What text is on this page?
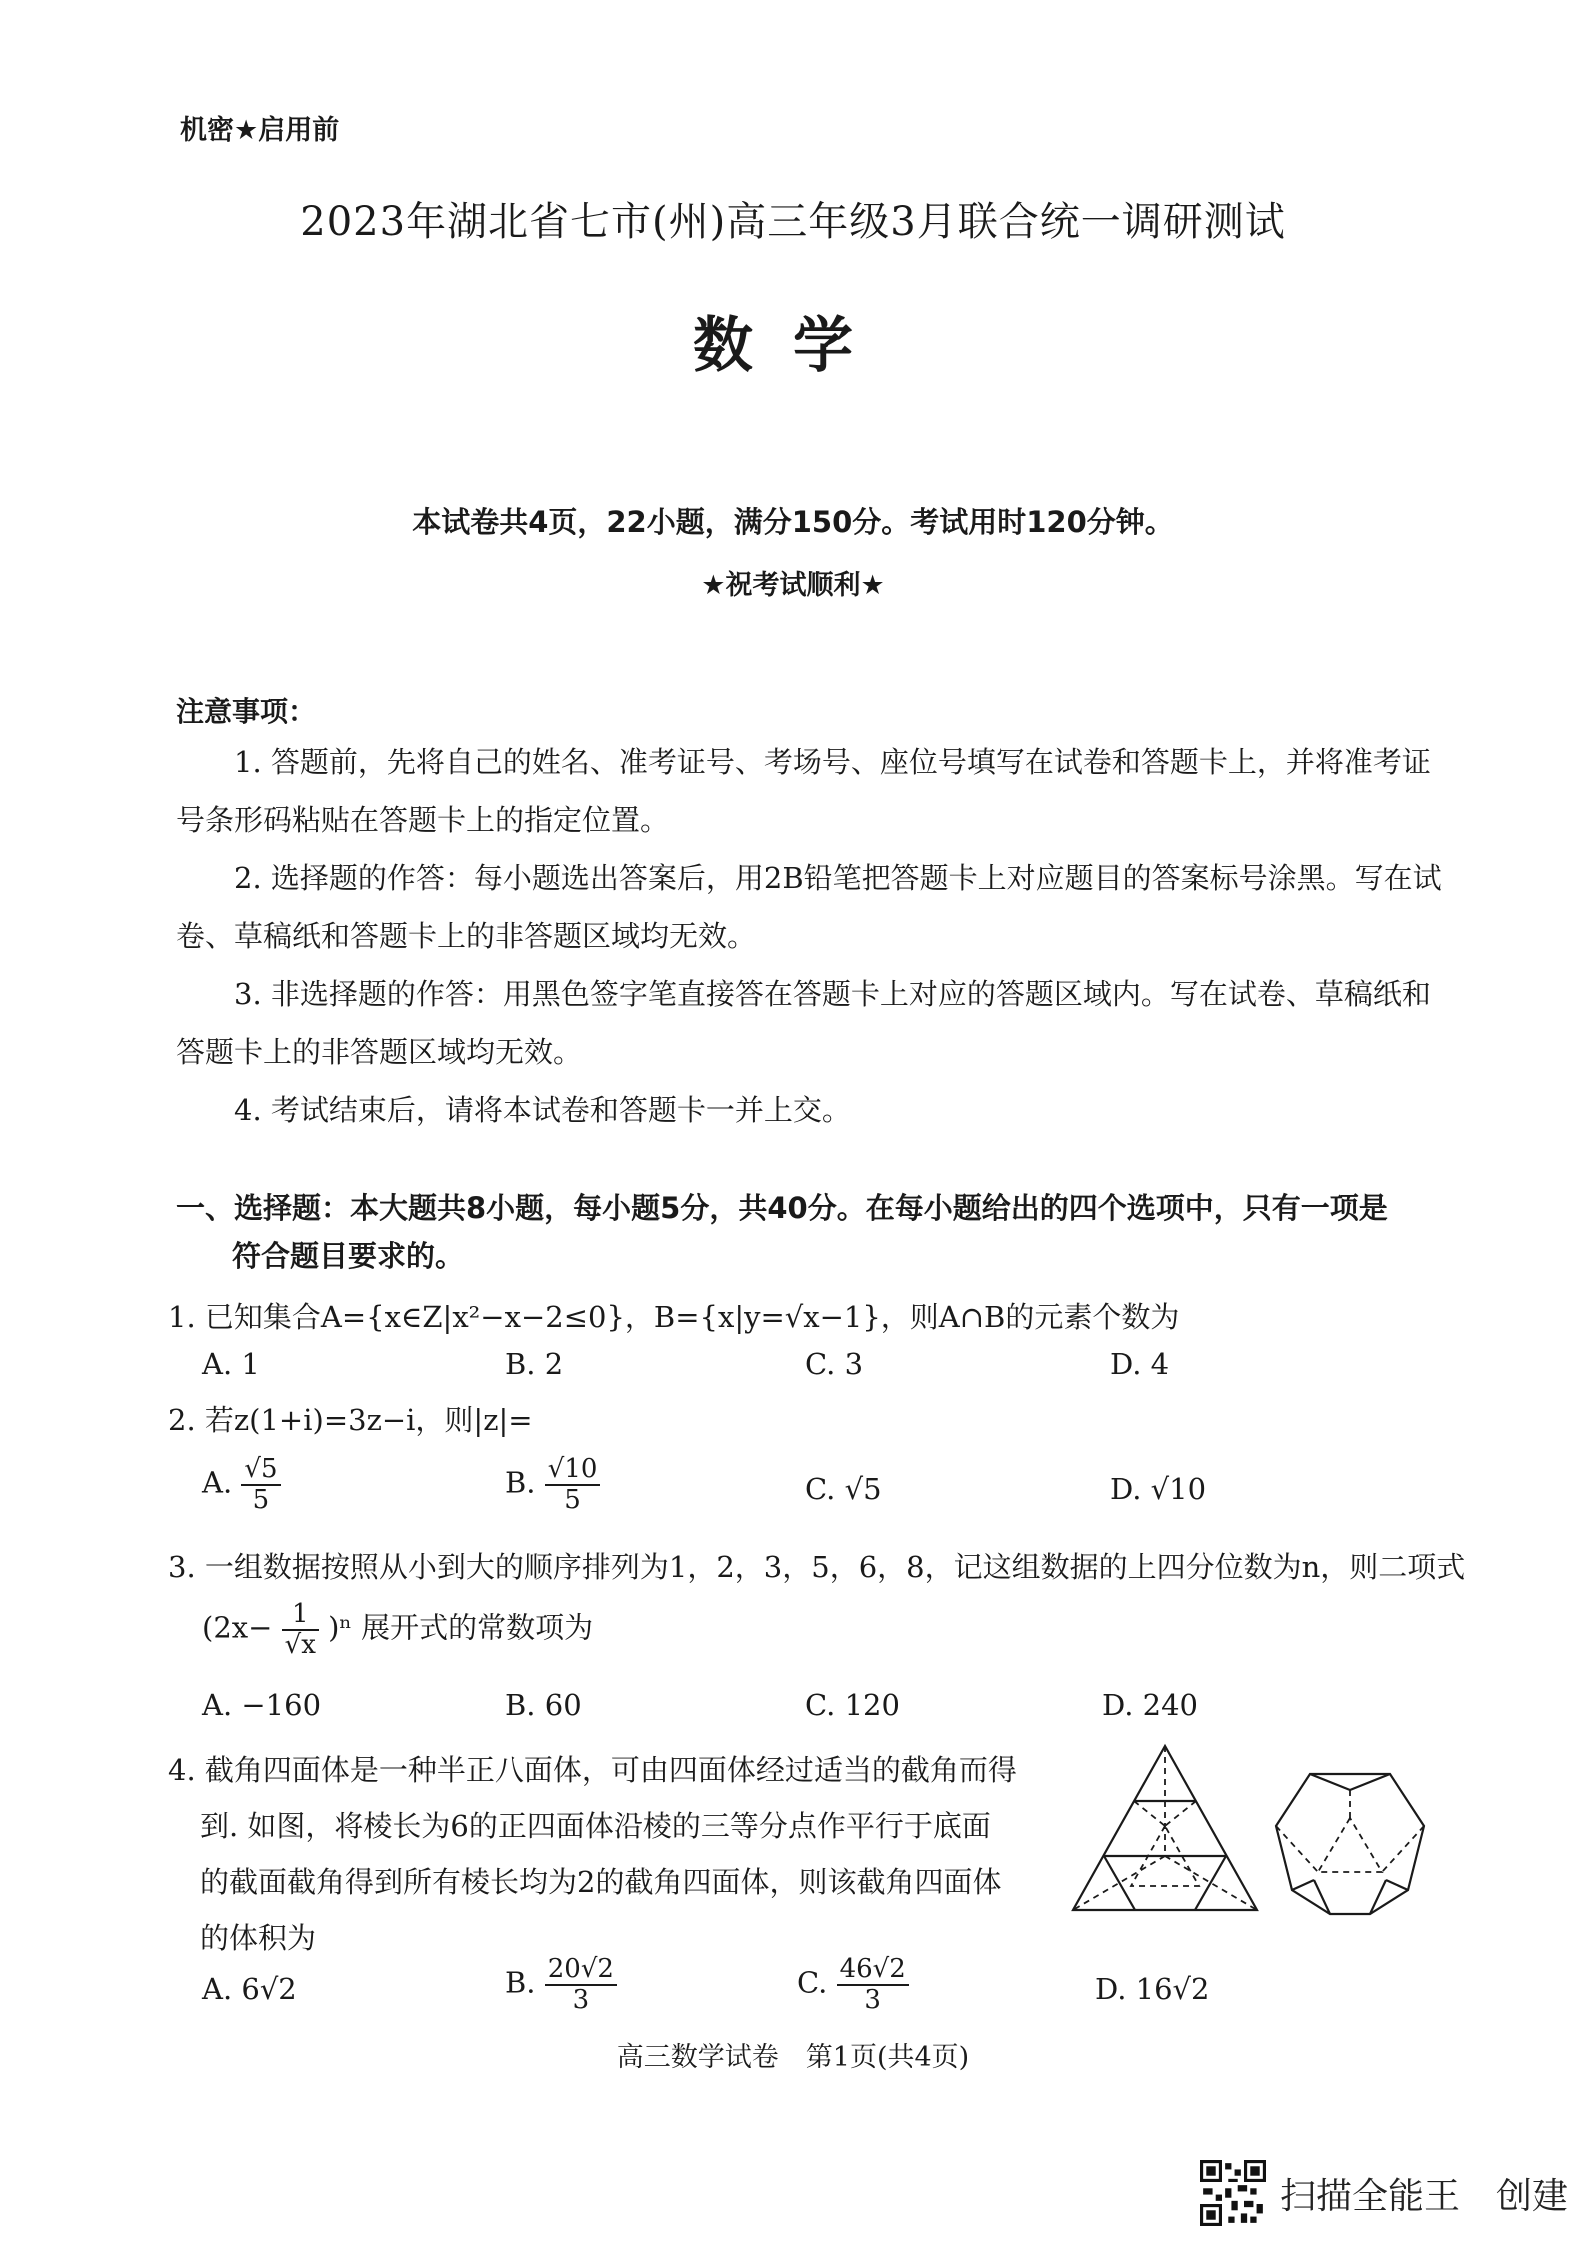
机密★启用前
2023年湖北省七市(州)高三年级3月联合统一调研测试
数学
本试卷共4页，22小题，满分150分。考试用时120分钟。
★祝考试顺利★
注意事项：
1. 答题前，先将自己的姓名、准考证号、考场号、座位号填写在试卷和答题卡上，并将准考证号条形码粘贴在答题卡上的指定位置。
2. 选择题的作答：每小题选出答案后，用2B铅笔把答题卡上对应题目的答案标号涂黑。写在试卷、草稿纸和答题卡上的非答题区域均无效。
3. 非选择题的作答：用黑色签字笔直接答在答题卡上对应的答题区域内。写在试卷、草稿纸和答题卡上的非答题区域均无效。
4. 考试结束后，请将本试卷和答题卡一并上交。
一、选择题：本大题共8小题，每小题5分，共40分。在每小题给出的四个选项中，只有一项是
符合题目要求的。
1. 已知集合A={x∈Z|x²−x−2≤0}，B={x|y=√x−1}，则A∩B的元素个数为
A. 1	B. 2	C. 3	D. 4
2. 若z(1+i)=3z−i，则|z|=
A. $\frac{√5}{5}$	B. $\frac{√10}{5}$	C. √5	D. √10
3. 一组数据按照从小到大的顺序排列为1，2，3，5，6，8，记这组数据的上四分位数为n，则二项式
$(2x- \frac{1}{√x} )^n$ 展开式的常数项为
A. −160	B. 60	C. 120	D. 240
4. 截角四面体是一种半正八面体，可由四面体经过适当的截角而得
到. 如图，将棱长为6的正四面体沿棱的三等分点作平行于底面
的截面截角得到所有棱长均为2的截角四面体，则该截角四面体
的体积为
A. 6√2	B. $\frac{20√2}{3}$	C. $\frac{46√2}{3}$	D. 16√2
高三数学试卷　第1页(共4页)
扫描全能王　创建
